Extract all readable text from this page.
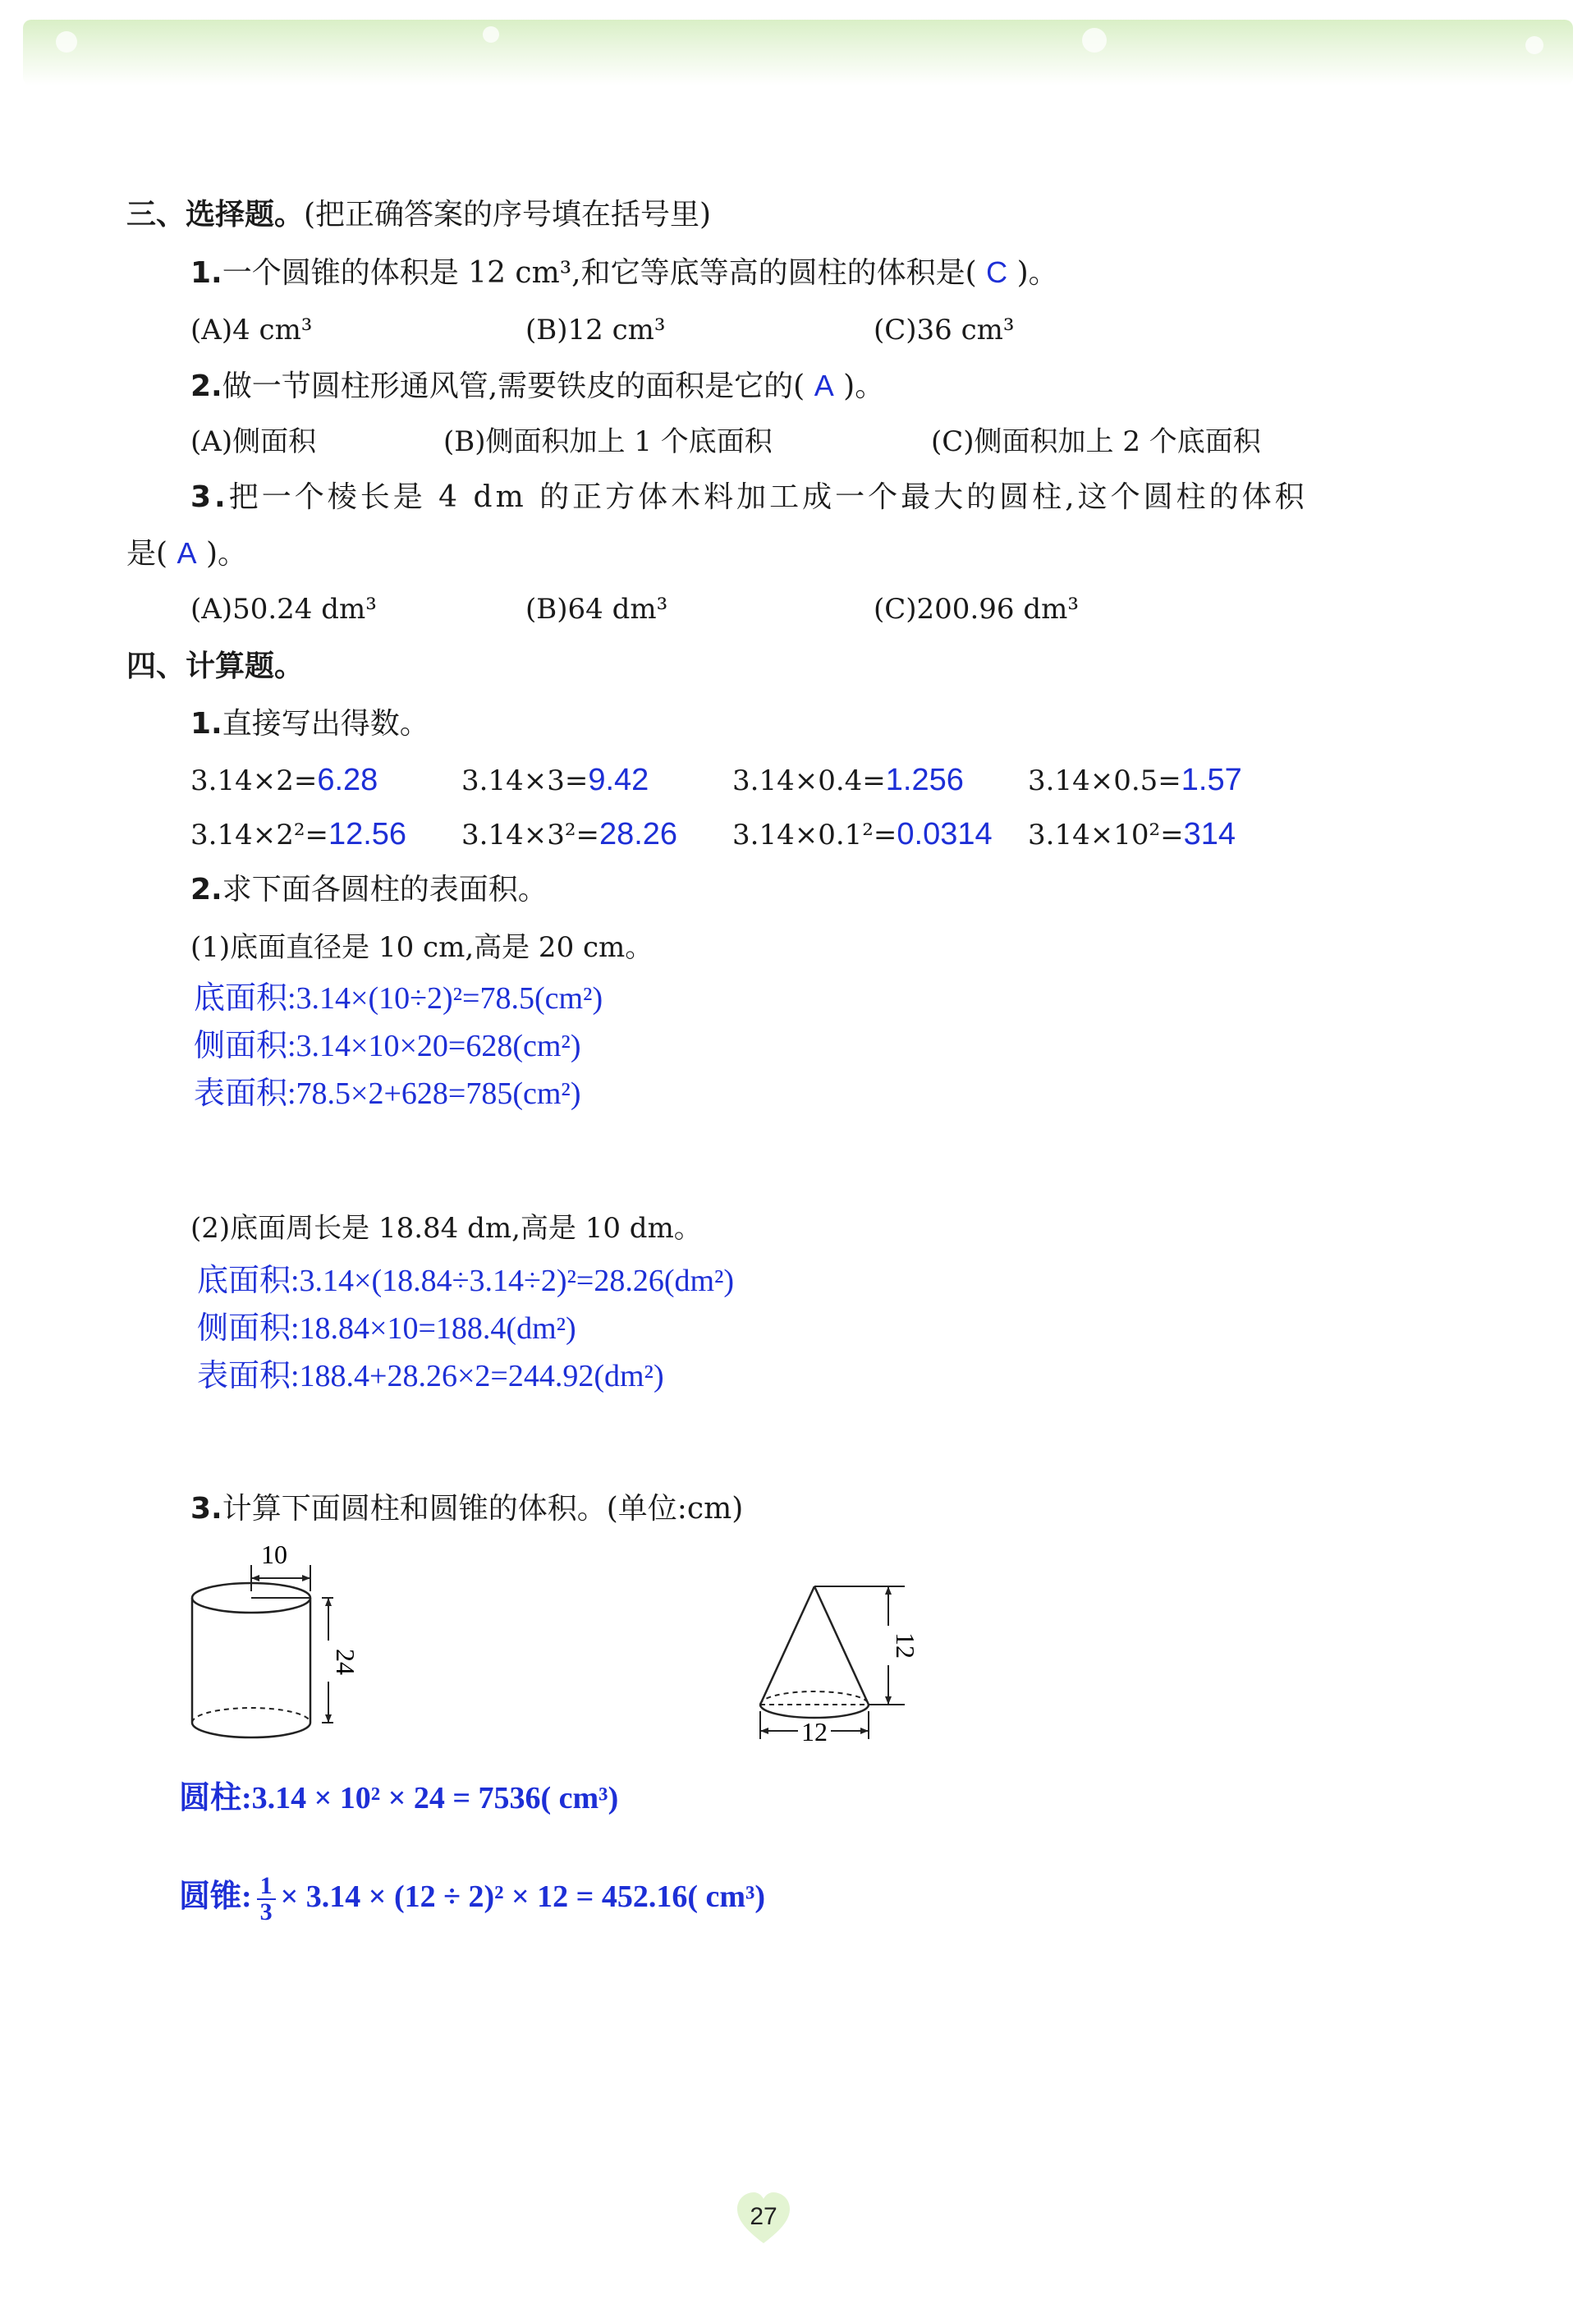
三、选择题。(把正确答案的序号填在括号里)
1.一个圆锥的体积是 12 cm³,和它等底等高的圆柱的体积是( C )。
(A)4 cm³	(B)12 cm³	(C)36 cm³
2.做一节圆柱形通风管,需要铁皮的面积是它的( A )。
(A)侧面积	(B)侧面积加上 1 个底面积	(C)侧面积加上 2 个底面积
3.把一个棱长是 4 dm 的正方体木料加工成一个最大的圆柱,这个圆柱的体积
是( A )。
(A)50.24 dm³	(B)64 dm³	(C)200.96 dm³
四、计算题。
1.直接写出得数。
3.14×2=6.28	3.14×3=9.42	3.14×0.4=1.256 3.14×0.5=1.57
3.14×2²=12.56 3.14×3²=28.26 3.14×0.1²=0.0314 3.14×10²=314
2.求下面各圆柱的表面积。
(1)底面直径是 10 cm,高是 20 cm。
底面积:3.14×(10÷2)²=78.5(cm²)
侧面积:3.14×10×20=628(cm²)
表面积:78.5×2+628=785(cm²)
(2)底面周长是 18.84 dm,高是 10 dm。
底面积:3.14×(18.84÷3.14÷2)²=28.26(dm²)
侧面积:18.84×10=188.4(dm²)
表面积:188.4+28.26×2=244.92(dm²)
3.计算下面圆柱和圆锥的体积。(单位:cm)
10
24
12
12
圆柱:3.14 × 10² × 24 = 7536( cm³)
圆锥: $\frac{1}{3} \times 3.14 \times (12 \div 2)^2 \times 12 = 452.16$( cm³)
27
